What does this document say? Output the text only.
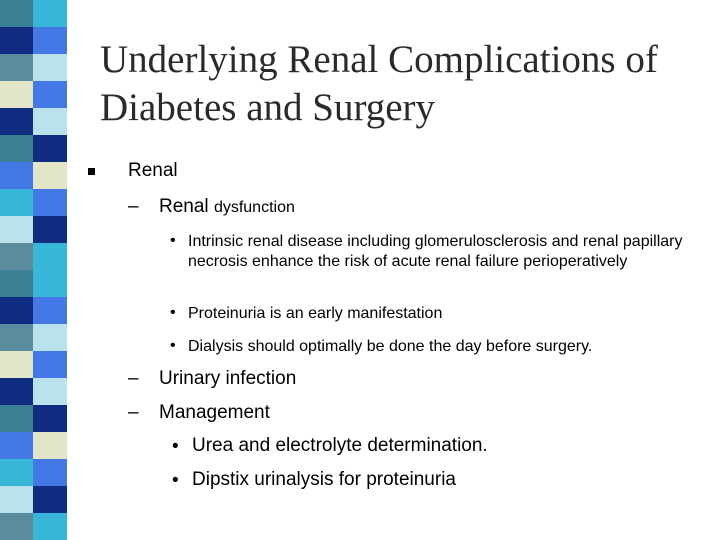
Underlying Renal Complications of Diabetes and Surgery
Renal
– Renal dysfunction
• Intrinsic renal disease including glomerulosclerosis and renal papillary necrosis enhance the risk of acute renal failure perioperatively
• Proteinuria is an early manifestation
• Dialysis should optimally be done the day before surgery.
– Urinary infection
– Management
• Urea and electrolyte determination.
• Dipstix urinalysis for proteinuria
